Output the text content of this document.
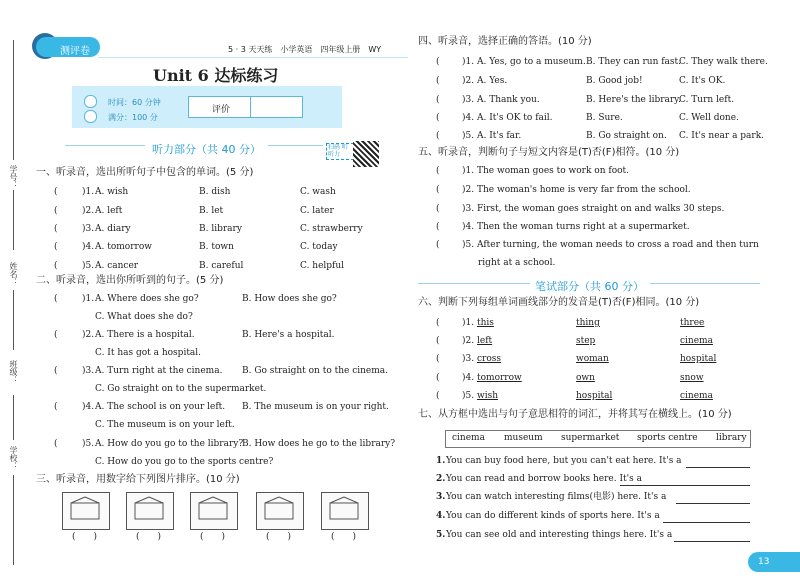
学号：
姓名：
班级：
学校：
测评卷	5 · 3 天天练　小学英语　四年级上册　WY
Unit 6 达标练习
时间：60 分钟
满分：100 分
评价
听力部分（共 40 分）	扫码 听听力
一、听录音，选出所听句子中包含的单词。(5 分)
二、听录音，选出你所听到的句子。(5 分)
三、听录音，用数字给下列图片排序。(10 分)
四、听录音，选择正确的答语。(10 分)
五、听录音，判断句子与短文内容是(T)否(F)相符。(10 分)
right at a school.
笔试部分（共 60 分）
六、判断下列每组单词画线部分的发音是(T)否(F)相同。(10 分)
七、从方框中选出与句子意思相符的词汇，并将其写在横线上。(10 分)
13
(	)1. A. wish	B. dish	C. wash
(	)2. A. left	B. let	C. later
(	)3. A. diary	B. library	C. strawberry
(	)4. A. tomorrow	B. town	C. today
(	)5. A. cancer	B. careful	C. helpful
(	)1. A. Where does she go?	B. How does she go?
C. What does she do?
(	)2. A. There is a hospital.	B. Here's a hospital.
C. It has got a hospital.
(	)3. A. Turn right at the cinema. B. Go straight on to the cinema.
C. Go straight on to the supermarket.
(	)4. A. The school is on your left. B. The museum is on your right.
C. The museum is on your left.
(	)5. A. How do you go to the library?
B. How does he go to the library?
C. How do you go to the sports centre?
(　　)	(　　)	(　　)	(　　)	(　　)
( )1. A. Yes, go to a museum. B. They can run fast.
C. They walk there.
( )2. A. Yes.	B. Good job!	C. It's OK.
( )3. A. Thank you.	B. Here's the library.
C. Turn left.
( )4. A. It's OK to fail.	B. Sure.	C. Well done.
( )5. A. It's far.	B. Go straight on. C. It's near a park.
( )1. The woman goes to work on foot.
( )2. The woman's home is very far from the school.
( )3. First, the woman goes straight on and walks 30 steps.
( )4. Then the woman turns right at a supermarket.
( )5. After turning, the woman needs to cross a road and then turn
( )1. this	thing	three
( )2. left	step	cinema
( )3. cross	woman	hospital
( )4. tomorrow	own	snow
( )5. wish	hospital	cinema
cinema museum supermarket sports centre library
1. You can buy food here, but you can't eat here. It's a
2. You can read and borrow books here. It's a
3. You can watch interesting films(电影) here. It's a
4. You can do different kinds of sports here. It's a
5. You can see old and interesting things here. It's a
